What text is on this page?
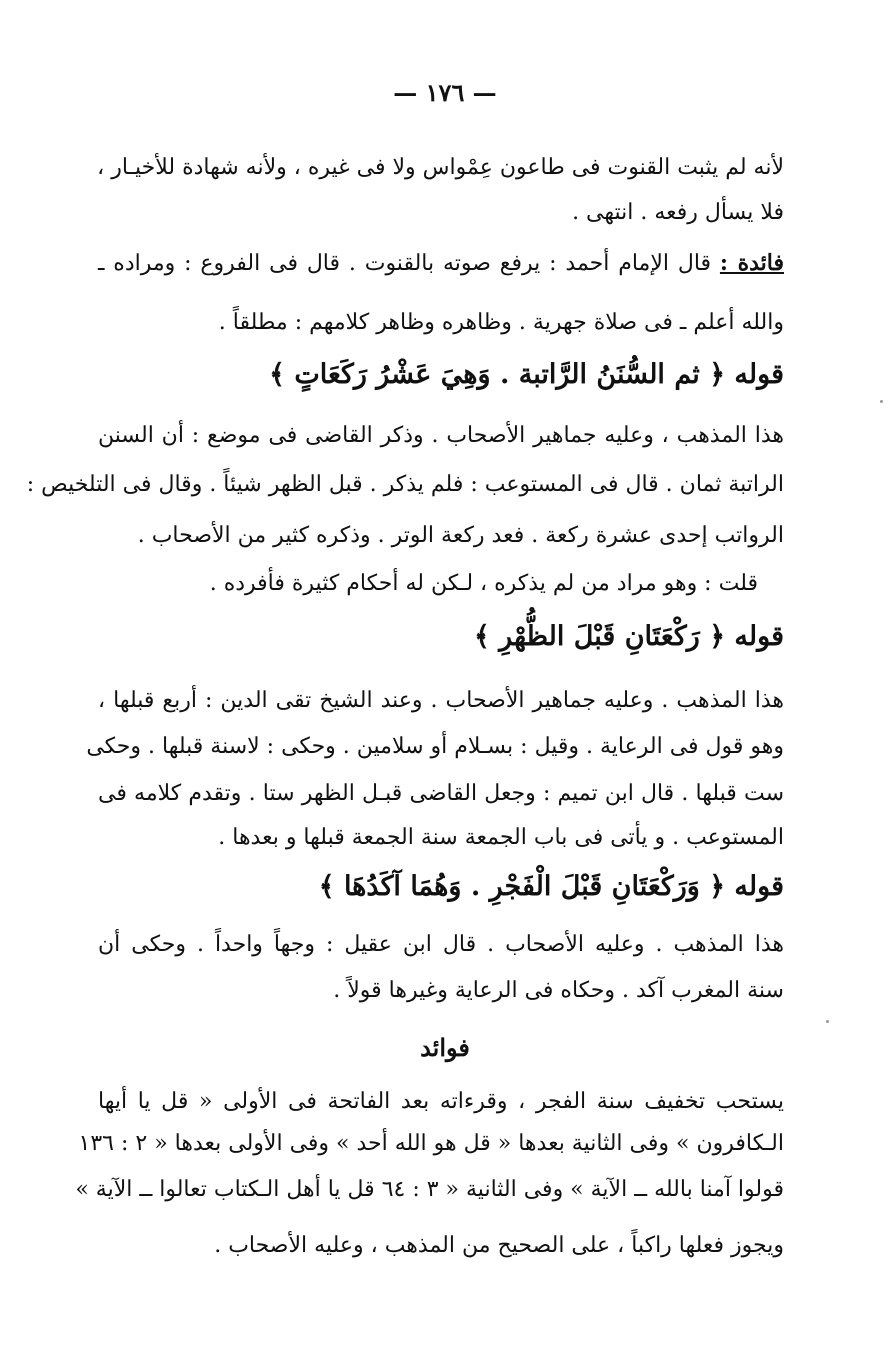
— ١٧٦ —
لأنه لم يثبت القنوت فى طاعون عِمْواس ولا فى غيره ، ولأنه شهادة للأخيـار ،
فلا يسأل رفعه . انتهى .
فائدة : قال الإمام أحمد : يرفع صوته بالقنوت . قال فى الفروع : ومراده ـ
والله أعلم ـ فى صلاة جهرية . وظاهره وظاهر كلامهم : مطلقاً .
قوله ﴿ ثم السُّنَنُ الرَّاتبة . وَهِيَ عَشْرُ رَكَعَاتٍ ﴾
هذا المذهب ، وعليه جماهير الأصحاب . وذكر القاضى فى موضع : أن السنن
الراتبة ثمان . قال فى المستوعب : فلم يذكر . قبل الظهر شيئاً . وقال فى التلخيص :
الرواتب إحدى عشرة ركعة . فعد ركعة الوتر . وذكره كثير من الأصحاب .
قلت : وهو مراد من لم يذكره ، لـكن له أحكام كثيرة فأفرده .
قوله ﴿ رَكْعَتَانِ قَبْلَ الظُّهْرِ ﴾
هذا المذهب . وعليه جماهير الأصحاب . وعند الشيخ تقى الدين : أربع قبلها ،
وهو قول فى الرعاية . وقيل : بسـلام أو سلامين . وحكى : لاسنة قبلها . وحكى
ست قبلها . قال ابن تميم : وجعل القاضى قبـل الظهر ستا . وتقدم كلامه فى
المستوعب . و يأتى فى باب الجمعة سنة الجمعة قبلها و بعدها .
قوله ﴿ وَرَكْعَتَانِ قَبْلَ الْفَجْرِ . وَهُمَا آكَدُهَا ﴾
هذا المذهب . وعليه الأصحاب . قال ابن عقيل : وجهاً واحداً . وحكى أن
سنة المغرب آكد . وحكاه فى الرعاية وغيرها قولاً .
يستحب تخفيف سنة الفجر ، وقرءاته بعد الفاتحة فى الأولى « قل يا أيها
الـكافرون » وفى الثانية بعدها « قل هو الله أحد » وفى الأولى بعدها « ٢ : ١٣٦
قولوا آمنا بالله ــ الآية » وفى الثانية « ٣ : ٦٤ قل يا أهل الـكتاب تعالوا ــ الآية »
ويجوز فعلها راكباً ، على الصحيح من المذهب ، وعليه الأصحاب .
فوائد
